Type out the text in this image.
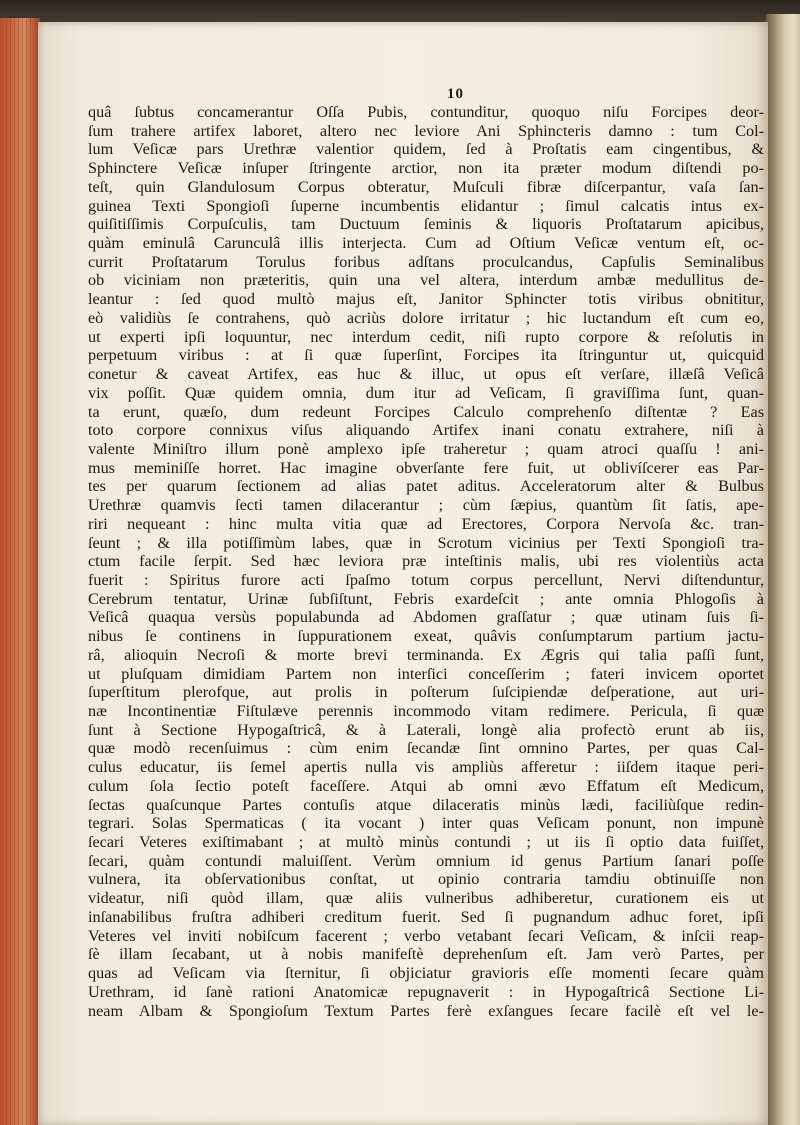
10
quâ ſubtus concamerantur Oſſa Pubis, contunditur, quoquo niſu Forcipes deor-
ſum trahere artifex laboret, altero nec leviore Ani Sphincteris damno : tum Col-
lum Veſicæ pars Urethræ valentior quidem, ſed à Proſtatis eam cingentibus, &
Sphinctere Veſicæ inſuper ſtringente arctior, non ita præter modum diſtendi po-
teſt, quin Glandulosum Corpus obteratur, Muſculi fibræ diſcerpantur, vaſa ſan-
guinea Texti Spongioſi ſuperne incumbentis elidantur ; ſimul calcatis intus ex-
quiſitiſſimis Corpuſculis, tam Ductuum ſeminis & liquoris Proſtatarum apicibus,
quàm eminulâ Carunculâ illis interjecta. Cum ad Oſtium Veſicæ ventum eſt, oc-
currit Proſtatarum Torulus foribus adſtans proculcandus, Capſulis Seminalibus
ob viciniam non præteritis, quin una vel altera, interdum ambæ medullitus de-
leantur : ſed quod multò majus eſt, Janitor Sphincter totis viribus obnititur,
eò validiùs ſe contrahens, quò acriùs dolore irritatur ; hic luctandum eſt cum eo,
ut experti ipſi loquuntur, nec interdum cedit, niſi rupto corpore & reſolutis in
perpetuum viribus : at ſi quæ ſuperſint, Forcipes ita ſtringuntur ut, quicquid
conetur & caveat Artifex, eas huc & illuc, ut opus eſt verſare, illæſâ Veſicâ
vix poſſit. Quæ quidem omnia, dum itur ad Veſicam, ſi graviſſima ſunt, quan-
ta erunt, quæſo, dum redeunt Forcipes Calculo comprehenſo diſtentæ ? Eas
toto corpore connixus viſus aliquando Artifex inani conatu extrahere, niſi à
valente Miniſtro illum ponè amplexo ipſe traheretur ; quam atroci quaſſu ! ani-
mus meminiſſe horret. Hac imagine obverſante fere fuit, ut oblivíſcerer eas Par-
tes per quarum ſectionem ad alias patet aditus. Acceleratorum alter & Bulbus
Urethræ quamvis ſecti tamen dilacerantur ; cùm ſæpius, quantùm ſit ſatis, ape-
riri nequeant : hinc multa vitia quæ ad Erectores, Corpora Nervoſa &c. tran-
ſeunt ; & illa potiſſimùm labes, quæ in Scrotum vicinius per Texti Spongioſi tra-
ctum facile ſerpit. Sed hæc leviora præ inteſtinis malis, ubi res violentiùs acta
fuerit : Spiritus furore acti ſpaſmo totum corpus percellunt, Nervi diſtenduntur,
Cerebrum tentatur, Urinæ ſubſiſtunt, Febris exardeſcit ; ante omnia Phlogoſis à
Veſicâ quaqua versùs populabunda ad Abdomen graſſatur ; quæ utinam ſuis ſi-
nibus ſe continens in ſuppurationem exeat, quâvis conſumptarum partium jactu-
râ, alioquin Necroſi & morte brevi terminanda. Ex Ægris qui talia paſſi ſunt,
ut pluſquam dimidiam Partem non interſici conceſſerim ; fateri invicem oportet
ſuperſtitum plerofque, aut prolis in poſterum ſuſcipiendæ deſperatione, aut uri-
næ Incontinentiæ Fiſtulæve perennis incommodo vitam redimere. Pericula, ſi quæ
ſunt à Sectione Hypogaſtricâ, & à Laterali, longè alia profectò erunt ab iis,
quæ modò recenſuimus : cùm enim ſecandæ ſint omnino Partes, per quas Cal-
culus educatur, iis ſemel apertis nulla vis ampliùs afferetur : iiſdem itaque peri-
culum ſola ſectio poteſt faceſſere. Atqui ab omni ævo Effatum eſt Medicum,
ſectas quaſcunque Partes contuſis atque dilaceratis minùs lædi, faciliùſque redin-
tegrari. Solas Spermaticas ( ita vocant ) inter quas Veſicam ponunt, non impunè
ſecari Veteres exiſtimabant ; at multò minùs contundi ; ut iis ſi optio data fuiſſet,
ſecari, quàm contundi maluiſſent. Verùm omnium id genus Partium ſanari poſſe
vulnera, ita obſervationibus conſtat, ut opinio contraria tamdiu obtinuiſſe non
videatur, niſi quòd illam, quæ aliis vulneribus adhiberetur, curationem eis ut
inſanabilibus fruſtra adhiberi creditum fuerit. Sed ſi pugnandum adhuc foret, ipſi
Veteres vel inviti nobiſcum facerent ; verbo vetabant ſecari Veſicam, & inſcii reap-
ſè illam ſecabant, ut à nobis manifeſtè deprehenſum eſt. Jam verò Partes, per
quas ad Veſicam via ſternitur, ſi objiciatur gravioris eſſe momenti ſecare quàm
Urethram, id ſanè rationi Anatomicæ repugnaverit : in Hypogaſtricâ Sectione Li-
neam Albam & Spongioſum Textum Partes ferè exſangues ſecare facilè eſt vel le-
